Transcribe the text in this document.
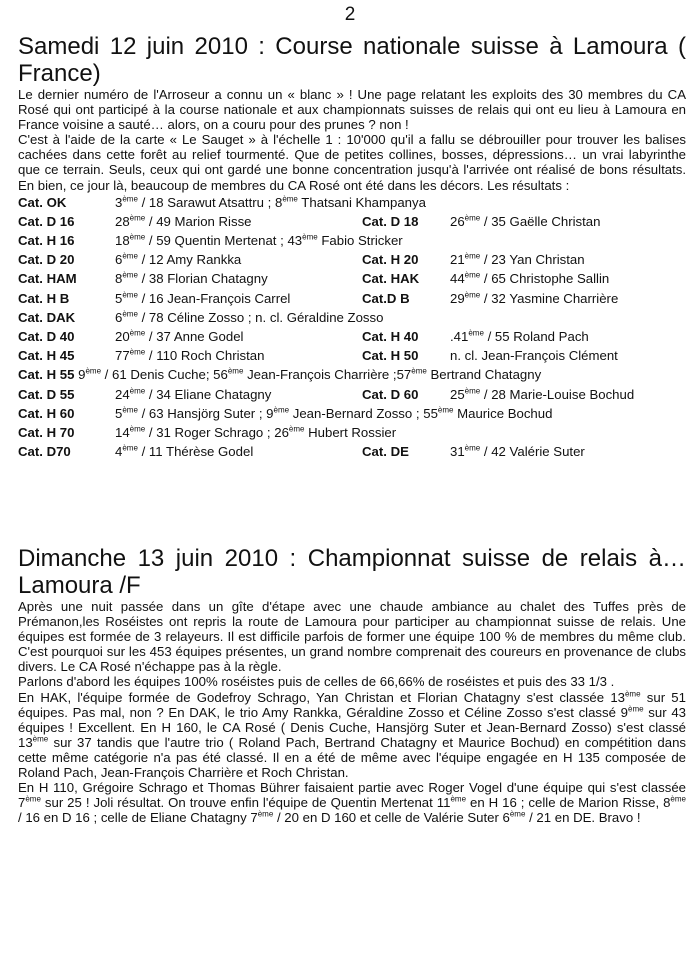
2
Samedi 12 juin 2010 : Course nationale suisse à Lamoura ( France)

Le dernier numéro de l'Arroseur a connu un « blanc » ! Une page relatant les exploits des 30 membres du CA Rosé qui ont participé à la course nationale et aux championnats suisses de relais qui ont eu lieu à Lamoura en France voisine a sauté… alors, on a couru pour des prunes ? non !

C'est à l'aide de la carte « Le Sauget » à l'échelle 1 : 10'000 qu'il a fallu se débrouiller pour trouver les balises cachées dans cette forêt au relief tourmenté. Que de petites collines, bosses, dépressions… un vrai labyrinthe que ce terrain. Seuls, ceux qui ont gardé une bonne concentration jusqu'à l'arrivée ont réalisé de bons résultats. En bien, ce jour là, beaucoup de membres du CA Rosé ont été dans les décors. Les résultats :

Cat. OK	3ème / 18 Sarawut Atsattru ; 8ème Thatsani Khampanya
Cat. D 16	28ème / 49 Marion Risse	Cat. D 18 26ème / 35 Gaëlle Christan
Cat. H 16	18ème / 59 Quentin Mertenat ; 43ème Fabio Stricker
Cat. D 20	6ème / 12 Amy Rankka	Cat. H 20 21ème / 23 Yan Christan
Cat. HAM	8ème / 38 Florian Chatagny	Cat. HAK 44ème / 65 Christophe Sallin
Cat. H B	5ème / 16 Jean-François Carrel	Cat.D B	29ème / 32 Yasmine Charrière
Cat. DAK	6ème / 78 Céline Zosso ; n. cl. Géraldine Zosso
Cat. D 40	20ème / 37 Anne Godel	Cat. H 40 .41ème / 55 Roland Pach
Cat. H 45	77ème / 110 Roch Christan	Cat. H 50 n. cl. Jean-François Clément
Cat. H 55 9ème / 61 Denis Cuche; 56ème Jean-François Charrière ;57ème Bertrand Chatagny
Cat. D 55	24ème / 34 Eliane Chatagny	Cat. D 60 25ème / 28 Marie-Louise Bochud
Cat. H 60	5ème / 63 Hansjörg Suter ; 9ème Jean-Bernard Zosso ; 55ème Maurice Bochud
Cat. H 70	14ème / 31 Roger Schrago ; 26ème Hubert Rossier
Cat. D70	4ème / 11 Thérèse Godel	Cat. DE	31ème / 42 Valérie Suter
Dimanche 13 juin 2010 : Championnat suisse de relais à… Lamoura /F

Après une nuit passée dans un gîte d'étape avec une chaude ambiance au chalet des Tuffes près de Prémanon,les Roséistes ont repris la route de Lamoura pour participer au championnat suisse de relais. Une équipes est formée de 3 relayeurs. Il est difficile parfois de former une équipe 100 % de membres du même club. C'est pourquoi sur les 453 équipes présentes, un grand nombre comprenait des coureurs en provenance de clubs divers. Le CA Rosé n'échappe pas à la règle.

Parlons d'abord les équipes 100% roséistes puis de celles de 66,66% de roséistes et puis des 33 1/3 .

En HAK, l'équipe formée de Godefroy Schrago, Yan Christan et Florian Chatagny s'est classée 13ème sur 51 équipes. Pas mal, non ? En DAK, le trio Amy Rankka, Géraldine Zosso et Céline Zosso s'est classé 9ème sur 43 équipes ! Excellent. En H 160, le CA Rosé ( Denis Cuche, Hansjörg Suter et Jean-Bernard Zosso) s'est classé 13ème sur 37 tandis que l'autre trio ( Roland Pach, Bertrand Chatagny et Maurice Bochud) en compétition dans cette même catégorie n'a pas été classé. Il en a été de même avec l'équipe engagée en H 135 composée de Roland Pach, Jean-François Charrière et Roch Christan.

En H 110, Grégoire Schrago et Thomas Bührer faisaient partie avec Roger Vogel d'une équipe qui s'est classée 7ème sur 25 ! Joli résultat. On trouve enfin l'équipe de Quentin Mertenat 11ème en H 16 ; celle de Marion Risse, 8ème / 16 en D 16 ; celle de Eliane Chatagny 7ème / 20 en D 160 et celle de Valérie Suter 6ème / 21 en DE. Bravo !
